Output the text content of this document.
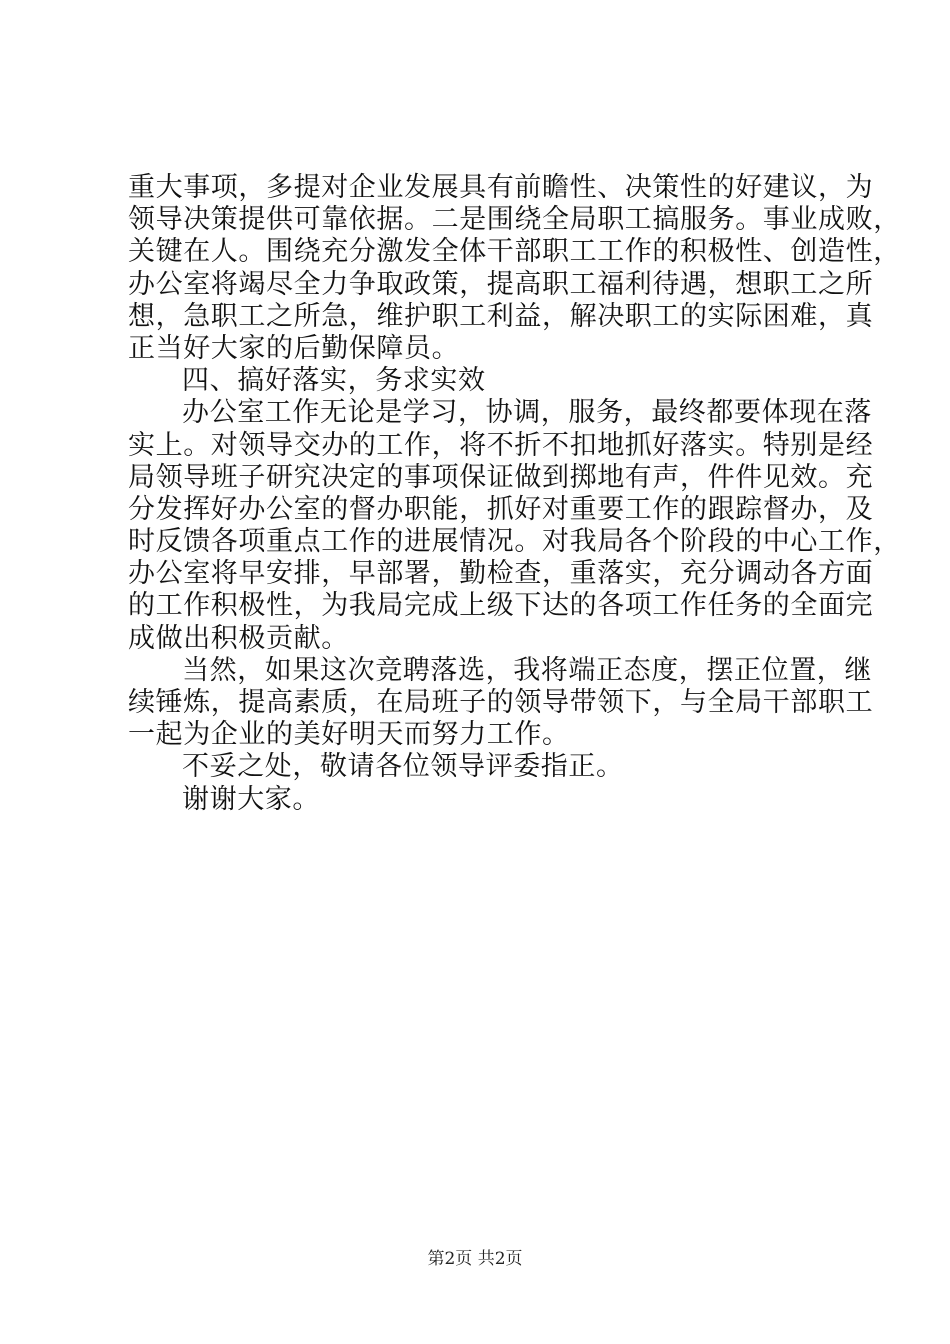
重大事项，多提对企业发展具有前瞻性、决策性的好建议，为
领导决策提供可靠依据。二是围绕全局职工搞服务。事业成败，
关键在人。围绕充分激发全体干部职工工作的积极性、创造性，
办公室将竭尽全力争取政策，提高职工福利待遇，想职工之所
想，急职工之所急，维护职工利益，解决职工的实际困难，真
正当好大家的后勤保障员。
四、搞好落实，务求实效
办公室工作无论是学习，协调，服务，最终都要体现在落
实上。对领导交办的工作，将不折不扣地抓好落实。特别是经
局领导班子研究决定的事项保证做到掷地有声，件件见效。充
分发挥好办公室的督办职能，抓好对重要工作的跟踪督办，及
时反馈各项重点工作的进展情况。对我局各个阶段的中心工作，
办公室将早安排，早部署，勤检查，重落实，充分调动各方面
的工作积极性，为我局完成上级下达的各项工作任务的全面完
成做出积极贡献。
当然，如果这次竞聘落选，我将端正态度，摆正位置，继
续锤炼，提高素质，在局班子的领导带领下，与全局干部职工
一起为企业的美好明天而努力工作。
不妥之处，敬请各位领导评委指正。
谢谢大家。
第2页 共2页
